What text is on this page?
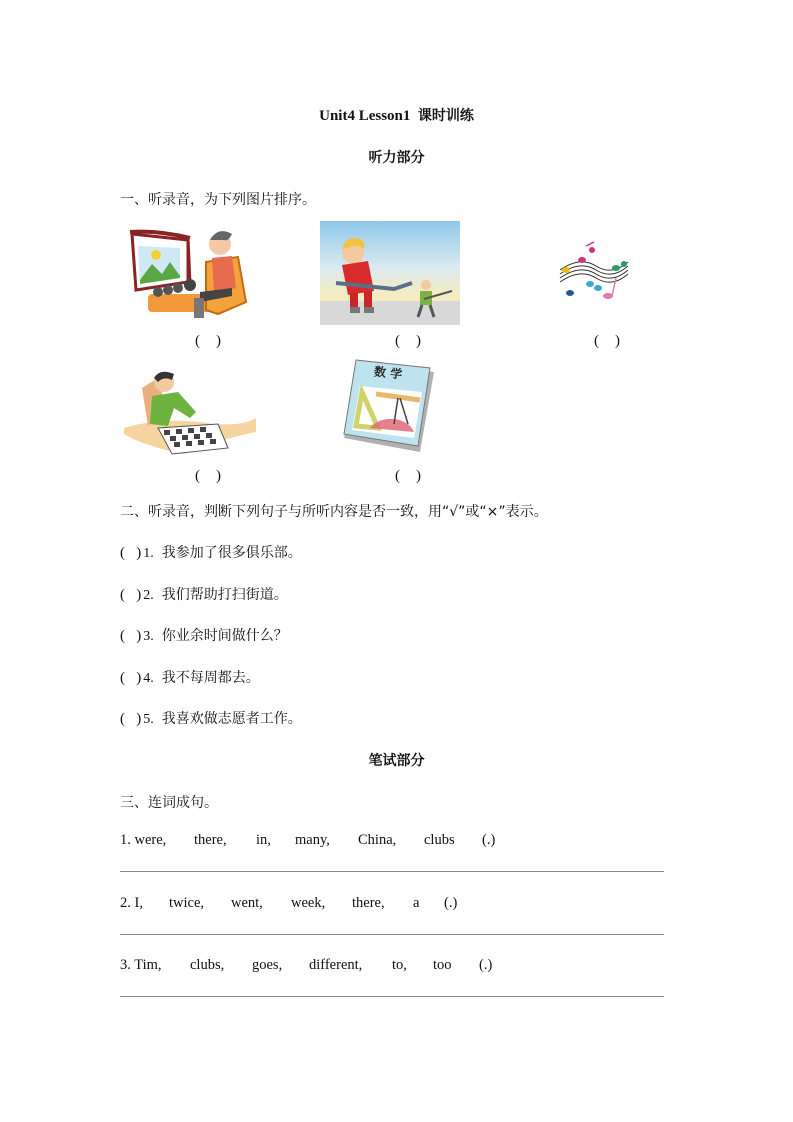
Unit4 Lesson1 课时训练
听力部分
一、听录音，为下列图片排序。
( )	( )	( )
( )
数 学
( )
二、听录音，判断下列句子与所听内容是否一致，用“√”或“×”表示。
(   ) 1. 我参加了很多俱乐部。
(   ) 2. 我们帮助打扫街道。
(   ) 3. 你业余时间做什么？
(   ) 4. 我不每周都去。
(   ) 5. 我喜欢做志愿者工作。
笔试部分
三、连词成句。
1. were, there, in, many, China, clubs (.)
2. I, twice, went, week, there, a (.)
3. Tim, clubs, goes, different, to, too (.)
